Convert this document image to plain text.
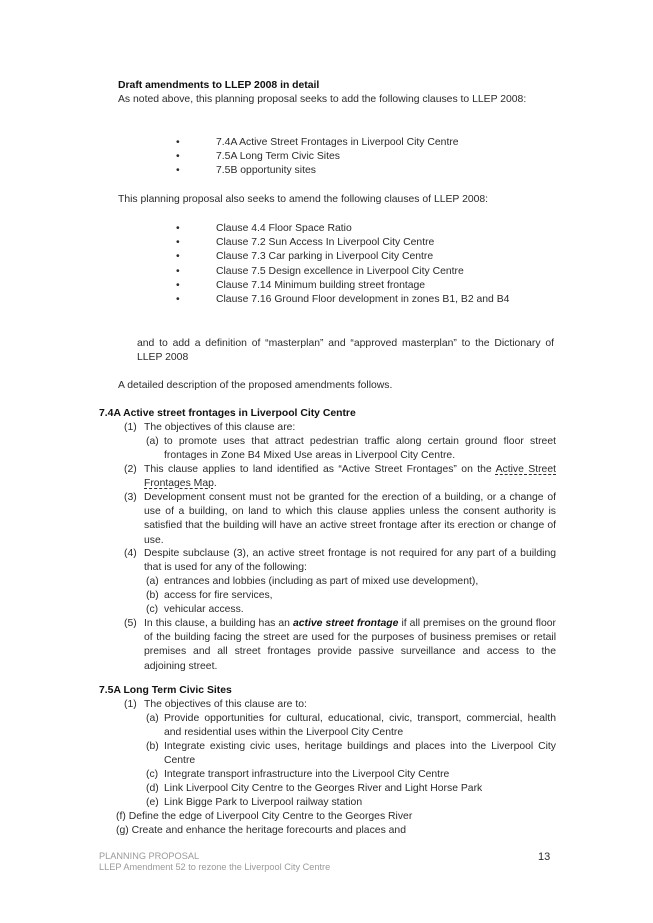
Draft amendments to LLEP 2008 in detail
As noted above, this planning proposal seeks to add the following clauses to LLEP 2008:
• 7.4A Active Street Frontages in Liverpool City Centre
• 7.5A Long Term Civic Sites
• 7.5B opportunity sites
This planning proposal also seeks to amend the following clauses of LLEP 2008:
• Clause 4.4 Floor Space Ratio
• Clause 7.2 Sun Access In Liverpool City Centre
• Clause 7.3 Car parking in Liverpool City Centre
• Clause 7.5 Design excellence in Liverpool City Centre
• Clause 7.14 Minimum building street frontage
• Clause 7.16 Ground Floor development in zones B1, B2 and B4
and to add a definition of “masterplan” and “approved masterplan” to the Dictionary of LLEP 2008
A detailed description of the proposed amendments follows.
7.4A Active street frontages in Liverpool City Centre
(1) The objectives of this clause are:
(a) to promote uses that attract pedestrian traffic along certain ground floor street frontages in Zone B4 Mixed Use areas in Liverpool City Centre.
(2) This clause applies to land identified as “Active Street Frontages” on the Active Street Frontages Map.
(3) Development consent must not be granted for the erection of a building, or a change of use of a building, on land to which this clause applies unless the consent authority is satisfied that the building will have an active street frontage after its erection or change of use.
(4) Despite subclause (3), an active street frontage is not required for any part of a building that is used for any of the following:
(a) entrances and lobbies (including as part of mixed use development),
(b) access for fire services,
(c) vehicular access.
(5) In this clause, a building has an active street frontage if all premises on the ground floor of the building facing the street are used for the purposes of business premises or retail premises and all street frontages provide passive surveillance and access to the adjoining street.
7.5A Long Term Civic Sites
(1) The objectives of this clause are to:
(a) Provide opportunities for cultural, educational, civic, transport, commercial, health and residential uses within the Liverpool City Centre
(b) Integrate existing civic uses, heritage buildings and places into the Liverpool City Centre
(c) Integrate transport infrastructure into the Liverpool City Centre
(d) Link Liverpool City Centre to the Georges River and Light Horse Park
(e) Link Bigge Park to Liverpool railway station
(f) Define the edge of Liverpool City Centre to the Georges River
(g) Create and enhance the heritage forecourts and places and
PLANNING PROPOSAL
LLEP Amendment 52 to rezone the Liverpool City Centre
13
